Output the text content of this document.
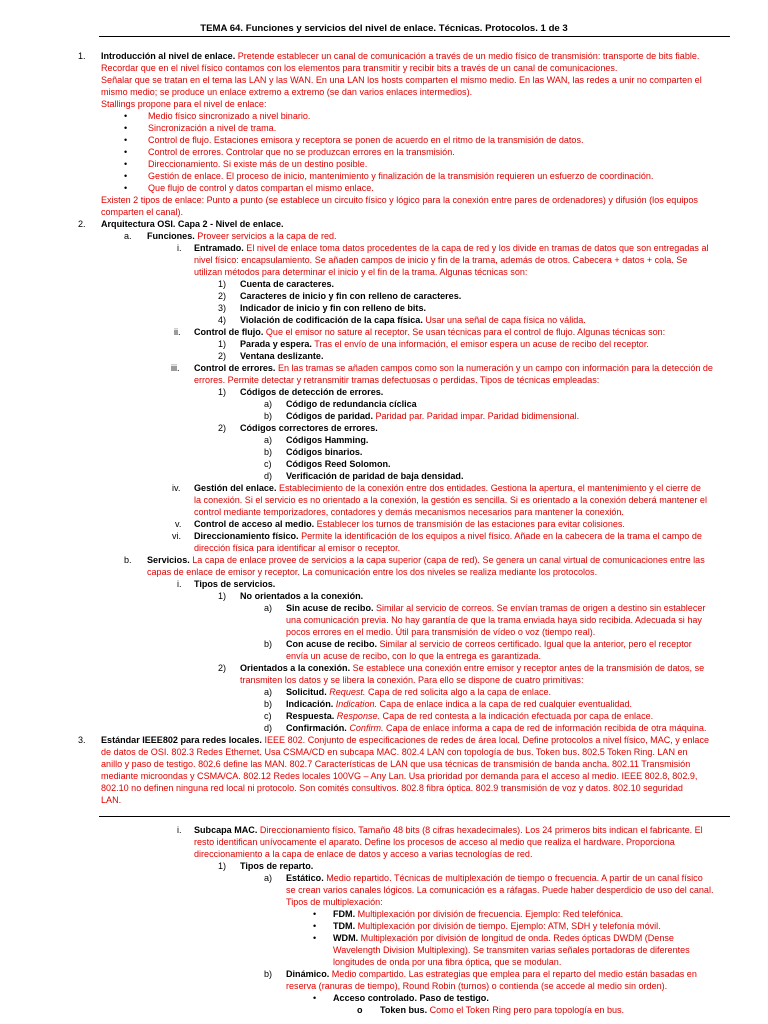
TEMA 64. Funciones y servicios del nivel de enlace. Técnicas. Protocolos. 1 de 3
1. Introducción al nivel de enlace. Pretende establecer un canal de comunicación a través de un medio físico de transmisión: transporte de bits fiable.
Recordar que en el nivel físico contamos con los elementos para transmitir y recibir bits a través de un canal de comunicaciones.
Señalar que se tratan en el tema las LAN y las WAN. En una LAN los hosts comparten el mismo medio. En las WAN, las redes a unir no comparten el
mismo medio; se produce un enlace extremo a extremo (se dan varios enlaces intermedios).
Stallings propone para el nivel de enlace:
• Medio físico sincronizado a nivel binario.
• Sincronización a nivel de trama.
• Control de flujo. Estaciones emisora y receptora se ponen de acuerdo en el ritmo de la transmisión de datos.
• Control de errores. Controlar que no se produzcan errores en la transmisión.
• Direccionamiento. Si existe más de un destino posible.
• Gestión de enlace. El proceso de inicio, mantenimiento y finalización de la transmisión requieren un esfuerzo de coordinación.
• Que flujo de control y datos compartan el mismo enlace.
Existen 2 tipos de enlace: Punto a punto (se establece un circuito físico y lógico para la conexión entre pares de ordenadores) y difusión (los equipos
comparten el canal).
2. Arquitectura OSI. Capa 2 - Nivel de enlace.
a. Funciones. Proveer servicios a la capa de red.
i. Entramado. El nivel de enlace toma datos procedentes de la capa de red y los divide en tramas de datos que son entregadas al
nivel físico: encapsulamiento. Se añaden campos de inicio y fin de la trama, además de otros. Cabecera + datos + cola. Se
utilizan métodos para determinar el inicio y el fin de la trama. Algunas técnicas son:
1) Cuenta de caracteres.
2) Caracteres de inicio y fin con relleno de caracteres.
3) Indicador de inicio y fin con relleno de bits.
4) Violación de codificación de la capa física. Usar una señal de capa física no válida.
ii. Control de flujo. Que el emisor no sature al receptor. Se usan técnicas para el control de flujo. Algunas técnicas son:
1) Parada y espera. Tras el envío de una información, el emisor espera un acuse de recibo del receptor.
2) Ventana deslizante.
iii. Control de errores. En las tramas se añaden campos como son la numeración y un campo con información para la detección de
errores. Permite detectar y retransmitir tramas defectuosas o perdidas. Tipos de técnicas empleadas:
1) Códigos de detección de errores.
a) Código de redundancia cíclica
b) Códigos de paridad. Paridad par. Paridad impar. Paridad bidimensional.
2) Códigos correctores de errores.
a) Códigos Hamming.
b) Códigos binarios.
c) Códigos Reed Solomon.
d) Verificación de paridad de baja densidad.
iv. Gestión del enlace. Establecimiento de la conexión entre dos entidades. Gestiona la apertura, el mantenimiento y el cierre de
la conexión. Si el servicio es no orientado a la conexión, la gestión es sencilla. Si es orientado a la conexión deberá mantener el
control mediante temporizadores, contadores y demás mecanismos necesarios para mantener la conexión.
v. Control de acceso al medio. Establecer los turnos de transmisión de las estaciones para evitar colisiones.
vi. Direccionamiento físico. Permite la identificación de los equipos a nivel físico. Añade en la cabecera de la trama el campo de
dirección física para identificar al emisor o receptor.
b. Servicios. La capa de enlace provee de servicios a la capa superior (capa de red). Se genera un canal virtual de comunicaciones entre las
capas de enlace de emisor y receptor. La comunicación entre los dos niveles se realiza mediante los protocolos.
i. Tipos de servicios.
1) No orientados a la conexión.
a) Sin acuse de recibo. Similar al servicio de correos. Se envían tramas de origen a destino sin establecer
una comunicación previa. No hay garantía de que la trama enviada haya sido recibida. Adecuada si hay
pocos errores en el medio. Útil para transmisión de vídeo o voz (tiempo real).
b) Con acuse de recibo. Similar al servicio de correos certificado. Igual que la anterior, pero el receptor
envía un acuse de recibo, con lo que la entrega es garantizada.
2) Orientados a la conexión. Se establece una conexión entre emisor y receptor antes de la transmisión de datos, se
transmiten los datos y se libera la conexión. Para ello se dispone de cuatro primitivas:
a) Solicitud. Request. Capa de red solicita algo a la capa de enlace.
b) Indicación. Indication. Capa de enlace indica a la capa de red cualquier eventualidad.
c) Respuesta. Response. Capa de red contesta a la indicación efectuada por capa de enlace.
d) Confirmación. Confirm. Capa de enlace informa a capa de red de información recibida de otra máquina.
3. Estándar IEEE802 para redes locales. IEEE 802. Conjunto de especificaciones de redes de área local. Define protocolos a nivel físico, MAC, y enlace
de datos de OSI. 802.3 Redes Ethernet. Usa CSMA/CD en subcapa MAC. 802.4 LAN con topología de bus. Token bus. 802.5 Token Ring. LAN en
anillo y paso de testigo. 802.6 define las MAN. 802.7 Características de LAN que usa técnicas de transmisión de banda ancha. 802.11 Transmisión
mediante microondas y CSMA/CA. 802.12 Redes locales 100VG – Any Lan. Usa prioridad por demanda para el acceso al medio. IEEE 802.8, 802.9,
802.10 no definen ninguna red local ni protocolo. Son comités consultivos. 802.8 fibra óptica. 802.9 transmisión de voz y datos. 802.10 seguridad
LAN.
i. Subcapa MAC. Direccionamiento físico. Tamaño 48 bits (8 cifras hexadecimales). Los 24 primeros bits indican el fabricante. El
resto identifican unívocamente el aparato. Define los procesos de acceso al medio que realiza el hardware. Proporciona
direccionamiento a la capa de enlace de datos y acceso a varias tecnologías de red.
1) Tipos de reparto.
a) Estático. Medio repartido. Técnicas de multiplexación de tiempo o frecuencia. A partir de un canal físico
se crean varios canales lógicos. La comunicación es a ráfagas. Puede haber desperdicio de uso del canal.
Tipos de multiplexación:
• FDM. Multiplexación por división de frecuencia. Ejemplo: Red telefónica.
• TDM. Multiplexación por división de tiempo. Ejemplo: ATM, SDH y telefonía móvil.
• WDM. Multiplexación por división de longitud de onda. Redes ópticas DWDM (Dense
Wavelength Division Multiplexing). Se transmiten varias señales portadoras de diferentes
longitudes de onda por una fibra óptica, que se modulan.
b) Dinámico. Medio compartido. Las estrategias que emplea para el reparto del medio están basadas en
reserva (ranuras de tiempo), Round Robin (turnos) o contienda (se accede al medio sin orden).
• Acceso controlado. Paso de testigo.
o Token bus. Como el Token Ring pero para topología en bus.
